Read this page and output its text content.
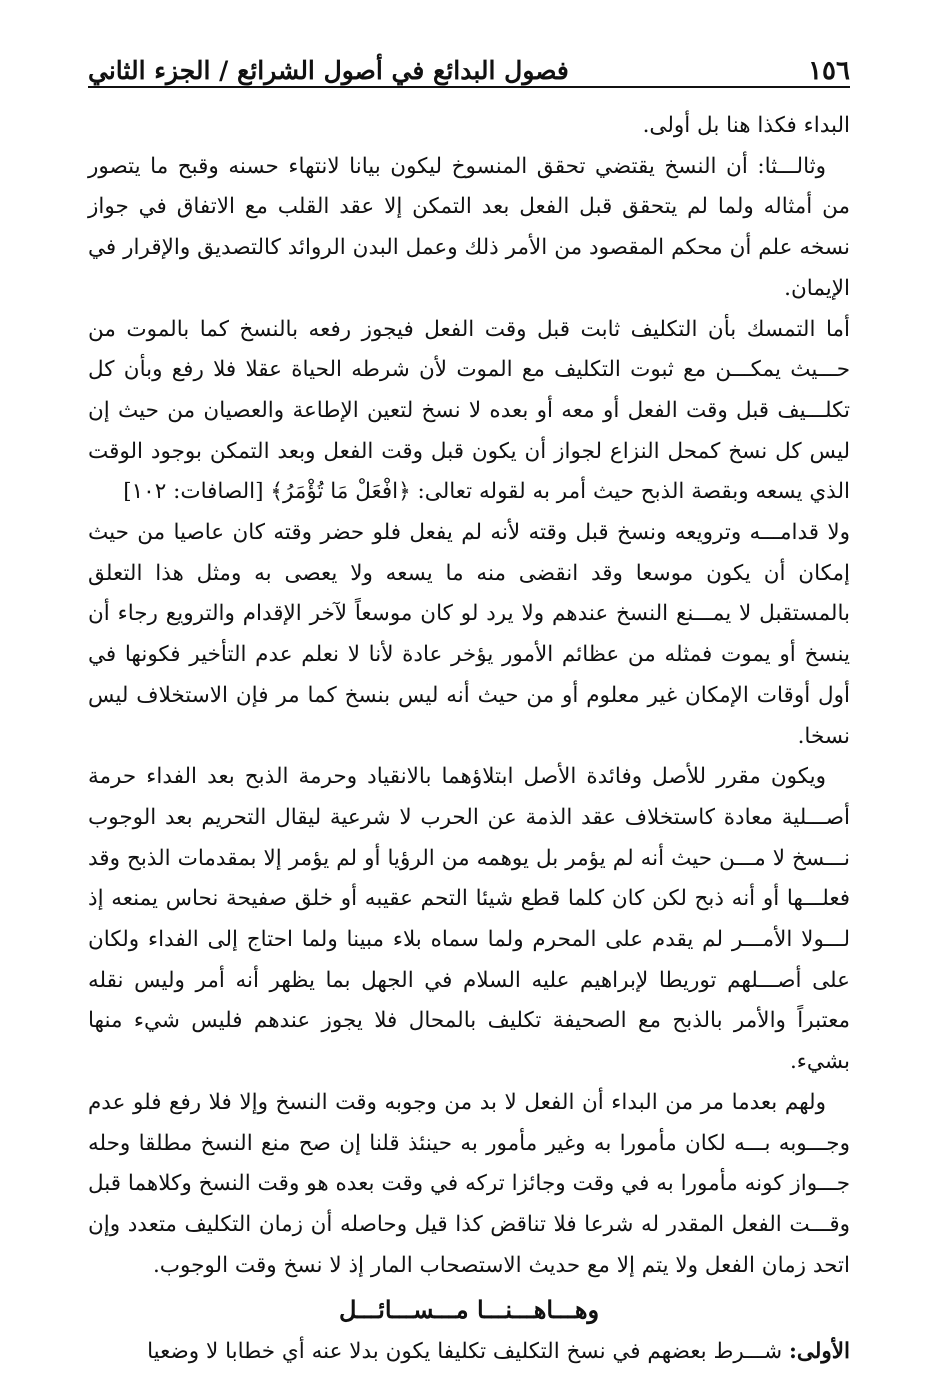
١٥٦
فصول البدائع في أصول الشرائع / الجزء الثاني

البداء فكذا هنا بل أولى.

وثالـــثا: أن النسخ يقتضي تحقق المنسوخ ليكون بيانا لانتهاء حسنه وقبح ما يتصور من أمثاله ولما لم يتحقق قبل الفعل بعد التمكن إلا عقد القلب مع الاتفاق في جواز نسخه علم أن محكم المقصود من الأمر ذلك وعمل البدن الروائد كالتصديق والإقرار في الإيمان.

أما التمسك بأن التكليف ثابت قبل وقت الفعل فيجوز رفعه بالنسخ كما بالموت من حـــيث يمكـــن مع ثبوت التكليف مع الموت لأن شرطه الحياة عقلا فلا رفع وبأن كل تكلـــيف قبل وقت الفعل أو معه أو بعده لا نسخ لتعين الإطاعة والعصيان من حيث إن ليس كل نسخ كمحل النزاع لجواز أن يكون قبل وقت الفعل وبعد التمكن بوجود الوقت الذي يسعه وبقصة الذبح حيث أمر به لقوله تعالى: ﴿افْعَلْ مَا تُؤْمَرُ﴾ [الصافات: ١٠٢]

ولا قدامـــه وترويعه ونسخ قبل وقته لأنه لم يفعل فلو حضر وقته كان عاصيا من حيث إمكان أن يكون موسعا وقد انقضى منه ما يسعه ولا يعصى به ومثل هذا التعلق بالمستقبل لا يمـــنع النسخ عندهم ولا يرد لو كان موسعاً لآخر الإقدام والترويع رجاء أن ينسخ أو يموت فمثله من عظائم الأمور يؤخر عادة لأنا لا نعلم عدم التأخير فكونها في أول أوقات الإمكان غير معلوم أو من حيث أنه ليس بنسخ كما مر فإن الاستخلاف ليس نسخا.

ويكون مقرر للأصل وفائدة الأصل ابتلاؤهما بالانقياد وحرمة الذبح بعد الفداء حرمة أصـــلية معادة كاستخلاف عقد الذمة عن الحرب لا شرعية ليقال التحريم بعد الوجوب نـــسخ لا مـــن حيث أنه لم يؤمر بل يوهمه من الرؤيا أو لم يؤمر إلا بمقدمات الذبح وقد فعلـــها أو أنه ذبح لكن كان كلما قطع شيئا التحم عقيبه أو خلق صفيحة نحاس يمنعه إذ لـــولا الأمـــر لم يقدم على المحرم ولما سماه بلاء مبينا ولما احتاج إلى الفداء ولكان على أصـــلهم توريطا لإبراهيم عليه السلام في الجهل بما يظهر أنه أمر وليس نقله معتبراً والأمر بالذبح مع الصحيفة تكليف بالمحال فلا يجوز عندهم فليس شيء منها بشيء.

ولهم بعدما مر من البداء أن الفعل لا بد من وجوبه وقت النسخ وإلا فلا رفع فلو عدم وجـــوبه بـــه لكان مأمورا به وغير مأمور به حينئذ قلنا إن صح منع النسخ مطلقا وحله جـــواز كونه مأمورا به في وقت وجائزا تركه في وقت بعده هو وقت النسخ وكلاهما قبل وقـــت الفعل المقدر له شرعا فلا تناقض كذا قيل وحاصله أن زمان التكليف متعدد وإن اتحد زمان الفعل ولا يتم إلا مع حديث الاستصحاب المار إذ لا نسخ وقت الوجوب.

وهـــاهـــنـــا مـــســـائـــل

الأولى: شـــرط بعضهم في نسخ التكليف تكليفا يكون بدلا عنه أي خطابا لا وضعيا
